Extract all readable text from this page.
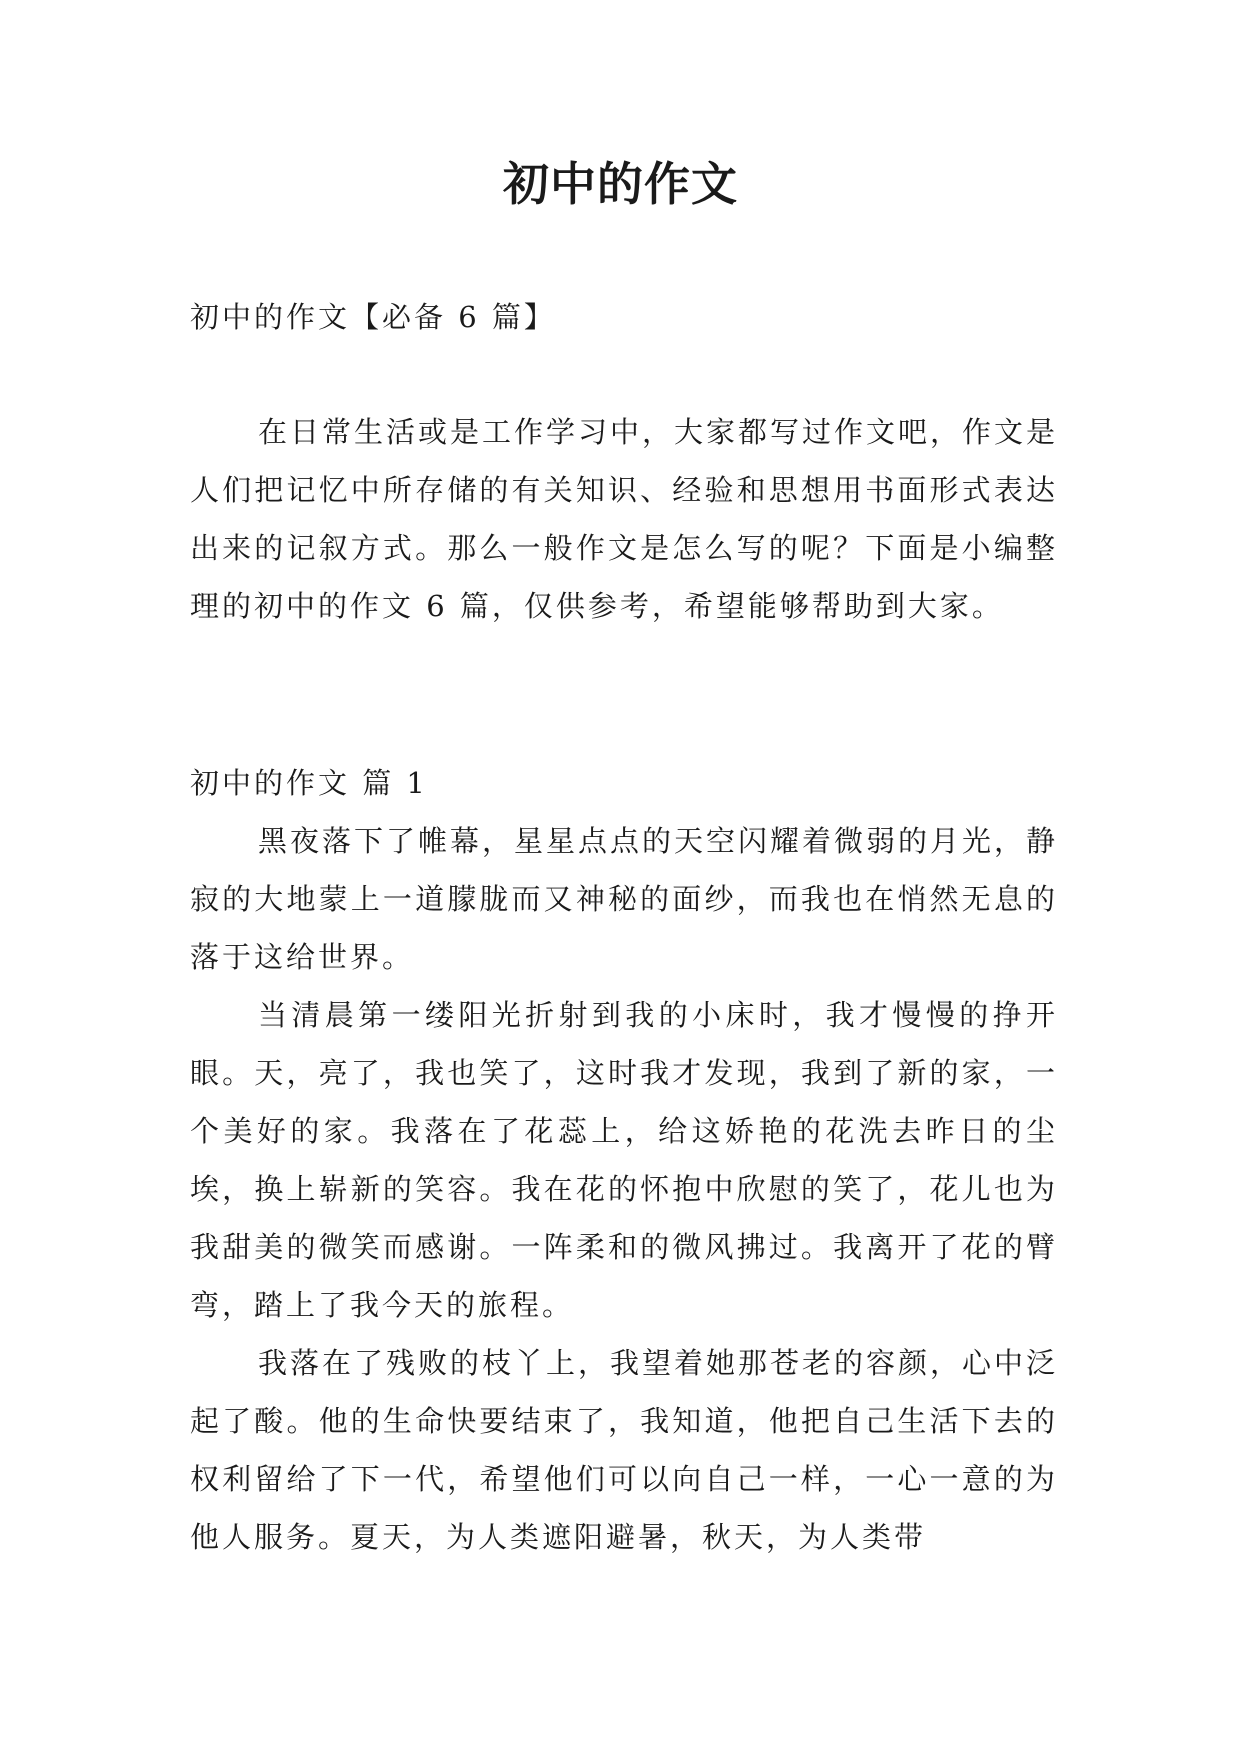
初中的作文
初中的作文【必备 6 篇】
在日常生活或是工作学习中，大家都写过作文吧，作文是人们把记忆中所存储的有关知识、经验和思想用书面形式表达出来的记叙方式。那么一般作文是怎么写的呢？下面是小编整理的初中的作文 6 篇，仅供参考，希望能够帮助到大家。
初中的作文 篇 1

黑夜落下了帷幕，星星点点的天空闪耀着微弱的月光，静寂的大地蒙上一道朦胧而又神秘的面纱，而我也在悄然无息的落于这给世界。

当清晨第一缕阳光折射到我的小床时，我才慢慢的挣开眼。天，亮了，我也笑了，这时我才发现，我到了新的家，一个美好的家。我落在了花蕊上，给这娇艳的花洗去昨日的尘埃，换上崭新的笑容。我在花的怀抱中欣慰的笑了，花儿也为我甜美的微笑而感谢。一阵柔和的微风拂过。我离开了花的臂弯，踏上了我今天的旅程。

我落在了残败的枝丫上，我望着她那苍老的容颜，心中泛起了酸。他的生命快要结束了，我知道，他把自己生活下去的权利留给了下一代，希望他们可以向自己一样，一心一意的为他人服务。夏天，为人类遮阳避暑，秋天，为人类带
